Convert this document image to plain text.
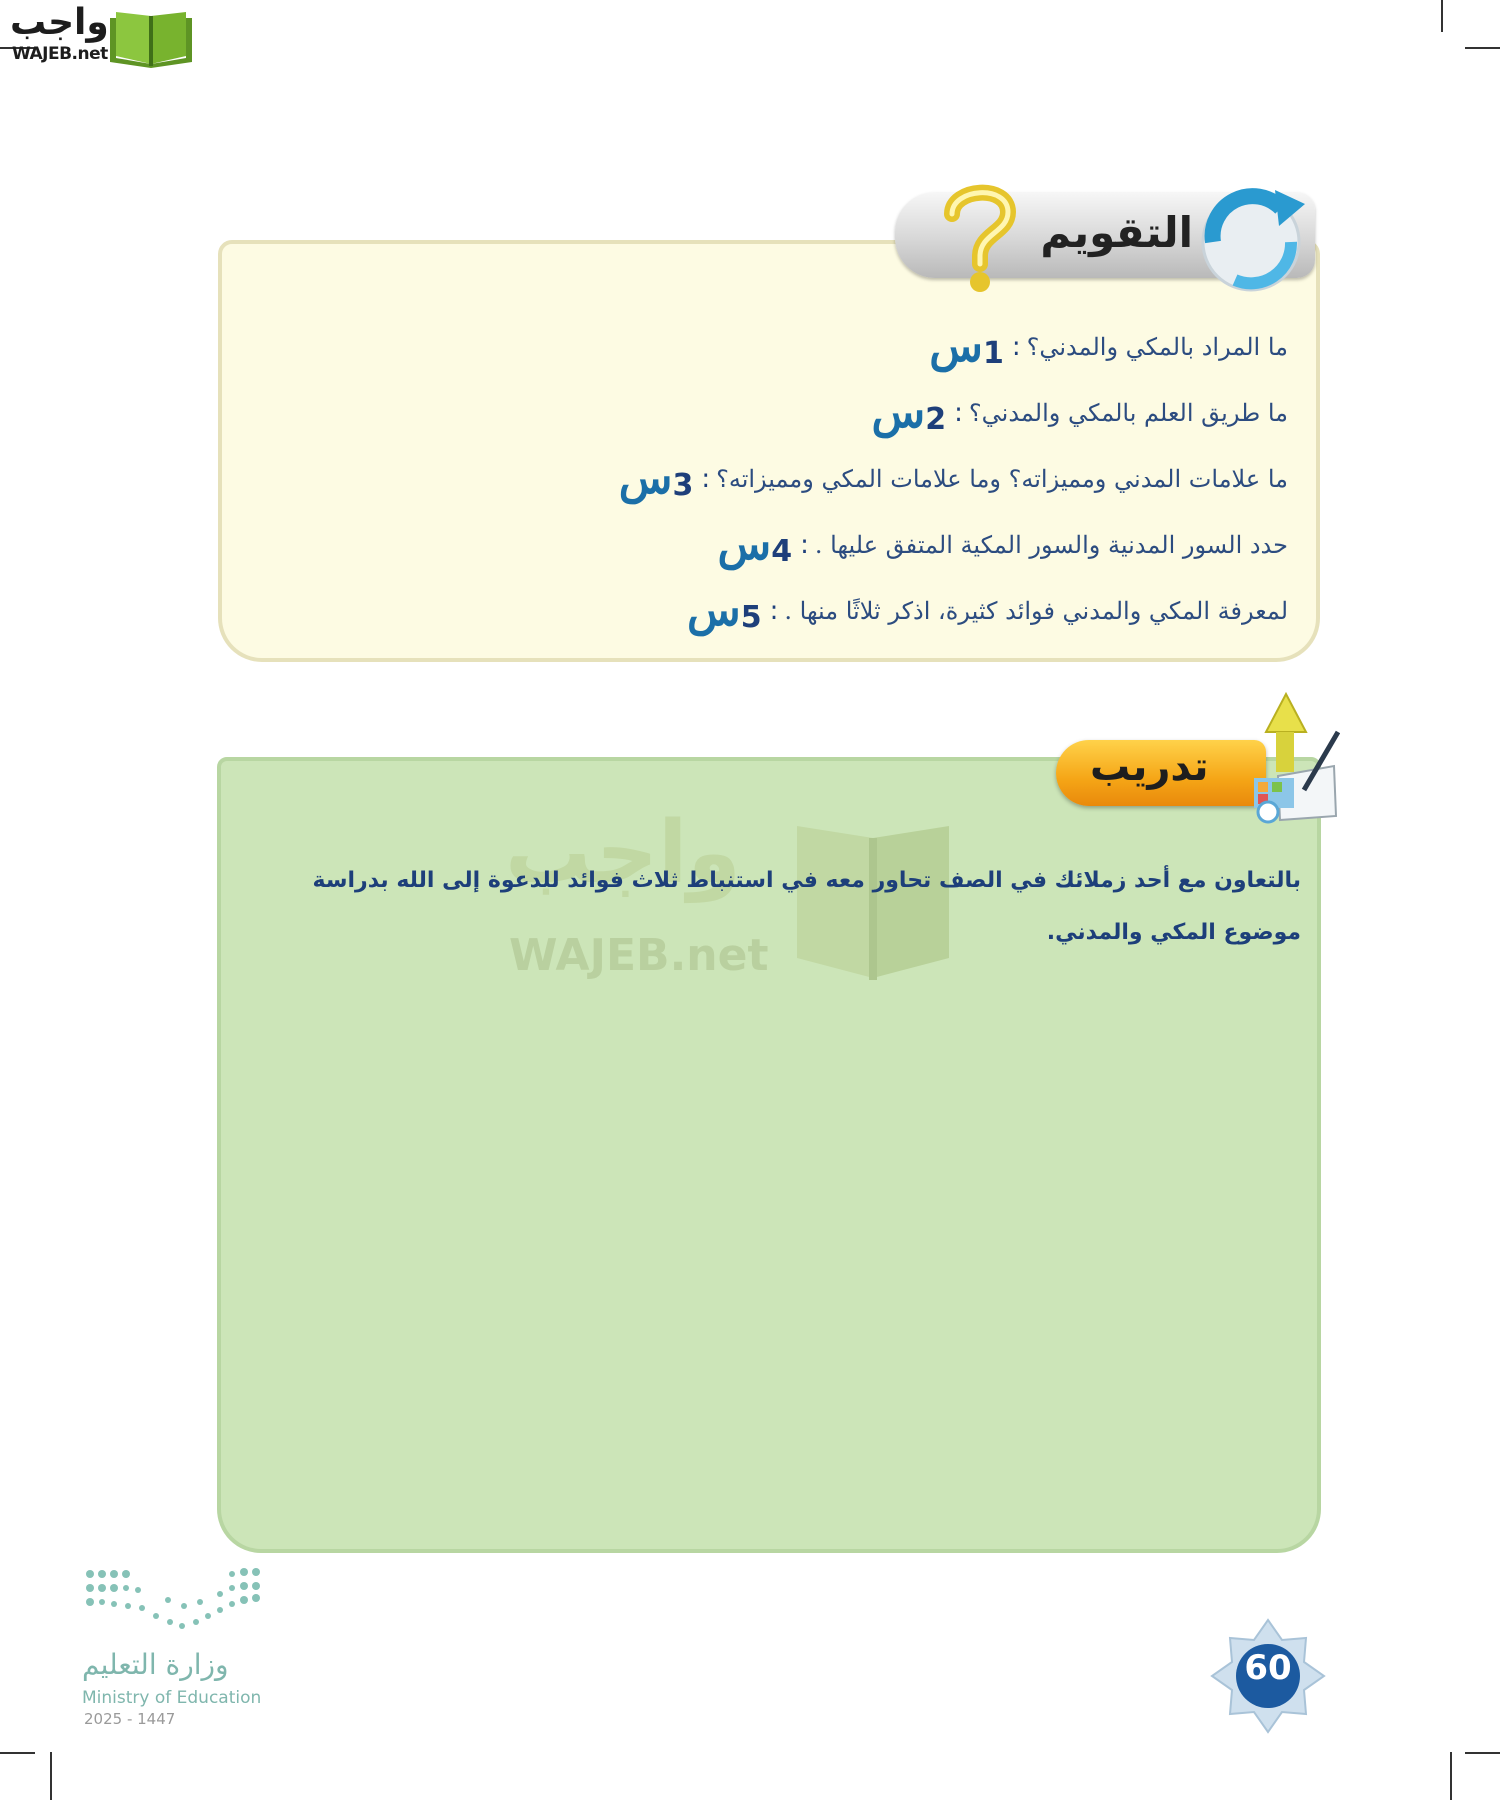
واجب
WAJEB.net
التقويم
س 1 : ما المراد بالمكي والمدني؟
س 2 : ما طريق العلم بالمكي والمدني؟
س 3 : ما علامات المدني ومميزاته؟ وما علامات المكي ومميزاته؟
س 4 : حدد السور المدنية والسور المكية المتفق عليها .
س 5 : لمعرفة المكي والمدني فوائد كثيرة، اذكر ثلاثًا منها .
واجب
WAJEB.net
تدريب
بالتعاون مع أحد زملائك في الصف تحاور معه في استنباط ثلاث فوائد للدعوة إلى الله بدراسة موضوع المكي والمدني.
وزارة التعليم
Ministry of Education
2025 - 1447
60
